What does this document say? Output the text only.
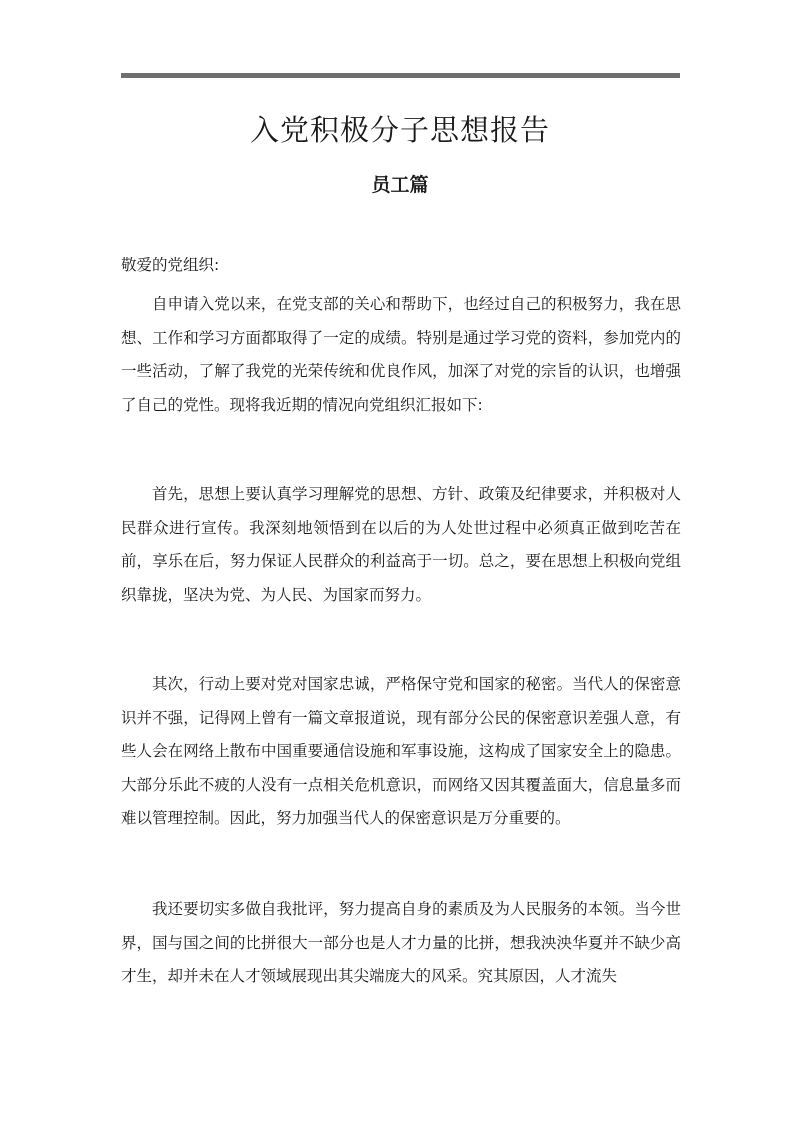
入党积极分子思想报告
员工篇

敬爱的党组织:

自申请入党以来，在党支部的关心和帮助下，也经过自己的积极努力，我在思想、工作和学习方面都取得了一定的成绩。特别是通过学习党的资料，参加党内的一些活动，了解了我党的光荣传统和优良作风，加深了对党的宗旨的认识，也增强了自己的党性。现将我近期的情况向党组织汇报如下:

首先，思想上要认真学习理解党的思想、方针、政策及纪律要求，并积极对人民群众进行宣传。我深刻地领悟到在以后的为人处世过程中必须真正做到吃苦在前，享乐在后，努力保证人民群众的利益高于一切。总之，要在思想上积极向党组织靠拢，坚决为党、为人民、为国家而努力。

其次，行动上要对党对国家忠诚，严格保守党和国家的秘密。当代人的保密意识并不强，记得网上曾有一篇文章报道说，现有部分公民的保密意识差强人意，有些人会在网络上散布中国重要通信设施和军事设施，这构成了国家安全上的隐患。大部分乐此不疲的人没有一点相关危机意识，而网络又因其覆盖面大，信息量多而难以管理控制。因此，努力加强当代人的保密意识是万分重要的。

我还要切实多做自我批评，努力提高自身的素质及为人民服务的本领。当今世界，国与国之间的比拼很大一部分也是人才力量的比拼，想我泱泱华夏并不缺少高才生，却并未在人才领域展现出其尖端庞大的风采。究其原因，人才流失
